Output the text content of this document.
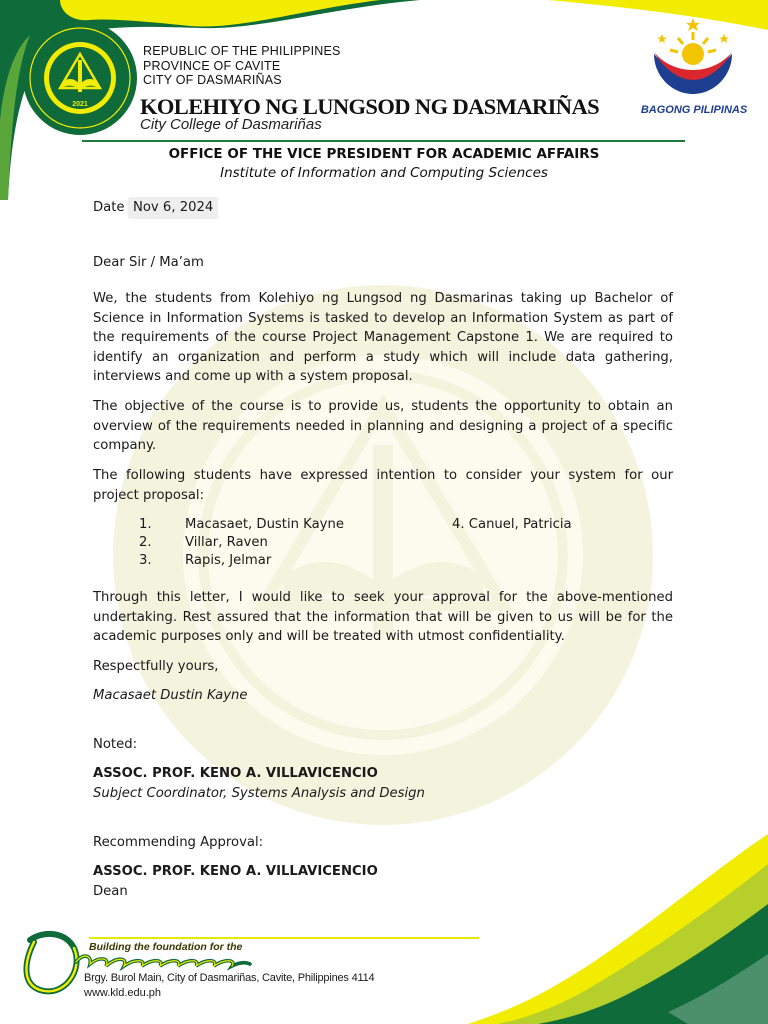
2021
REPUBLIC OF THE PHILIPPINES
PROVINCE OF CAVITE
CITY OF DASMARIÑAS
KOLEHIYO NG LUNGSOD NG DASMARIÑAS
City College of Dasmariñas
BAGONG PILIPINAS
OFFICE OF THE VICE PRESIDENT FOR ACADEMIC AFFAIRS
Institute of Information and Computing Sciences
Date Nov 6, 2024
Dear Sir / Ma’am
We, the students from Kolehiyo ng Lungsod ng Dasmarinas taking up Bachelor of Science in Information Systems is tasked to develop an Information System as part of the requirements of the course Project Management Capstone 1. We are required to identify an organization and perform a study which will include data gathering, interviews and come up with a system proposal.
The objective of the course is to provide us, students the opportunity to obtain an overview of the requirements needed in planning and designing a project of a specific company.
The following students have expressed intention to consider your system for our project proposal:
1.	Macasaet, Dustin Kayne
2.	Villar, Raven
3.	Rapis, Jelmar
4. Canuel, Patricia
Through this letter, I would like to seek your approval for the above-mentioned undertaking. Rest assured that the information that will be given to us will be for the academic purposes only and will be treated with utmost confidentiality.
Respectfully yours,
Macasaet Dustin Kayne
Noted:
ASSOC. PROF. KENO A. VILLAVICENCIO
Subject Coordinator, Systems Analysis and Design
Recommending Approval:
ASSOC. PROF. KENO A. VILLAVICENCIO
Dean
Building the foundation for the
Brgy. Burol Main, City of Dasmariñas, Cavite, Philippines 4114
www.kld.edu.ph
